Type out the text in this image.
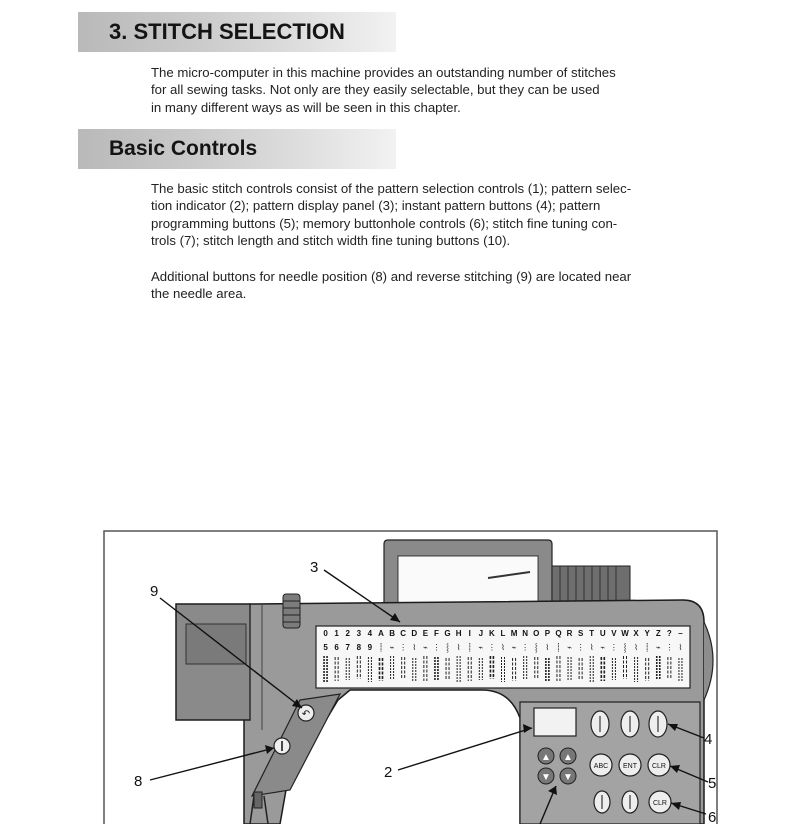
3. STITCH SELECTION
The micro-computer in this machine provides an outstanding number of stitches
for all sewing tasks. Not only are they easily selectable, but they can be used
in many different ways as will be seen in this chapter.
Basic Controls
The basic stitch controls consist of the pattern selection controls (1); pattern selec-
tion indicator (2); pattern display panel (3); instant pattern buttons (4); pattern
programming buttons (5); memory buttonhole controls (6); stitch fine tuning con-
trols (7); stitch length and stitch width fine tuning buttons (10).
Additional buttons for needle position (8) and reverse stitching (9) are located near
the needle area.
0 1 2 3 4 A B C D E F G H I J K L M N O P Q R S T U V W X Y Z ? –
5 6 7 8 9 ⸽ ⌁ ⋮ ⌇ ⌁ ⋮ ⸾ ⌇ ⸽ ⌁ ⋮ ⌇ ⌁ ⋮ ⸾ ⌇ ⸽ ⌁ ⋮ ⌇ ⌁ ⋮ ⸾ ⌇ ⸽ ⌁ ⋮ ⌇
↶
▲ ▲
▼ ▼
ABC ENT CLR
CLR
9
3
2
4
5
6
8
